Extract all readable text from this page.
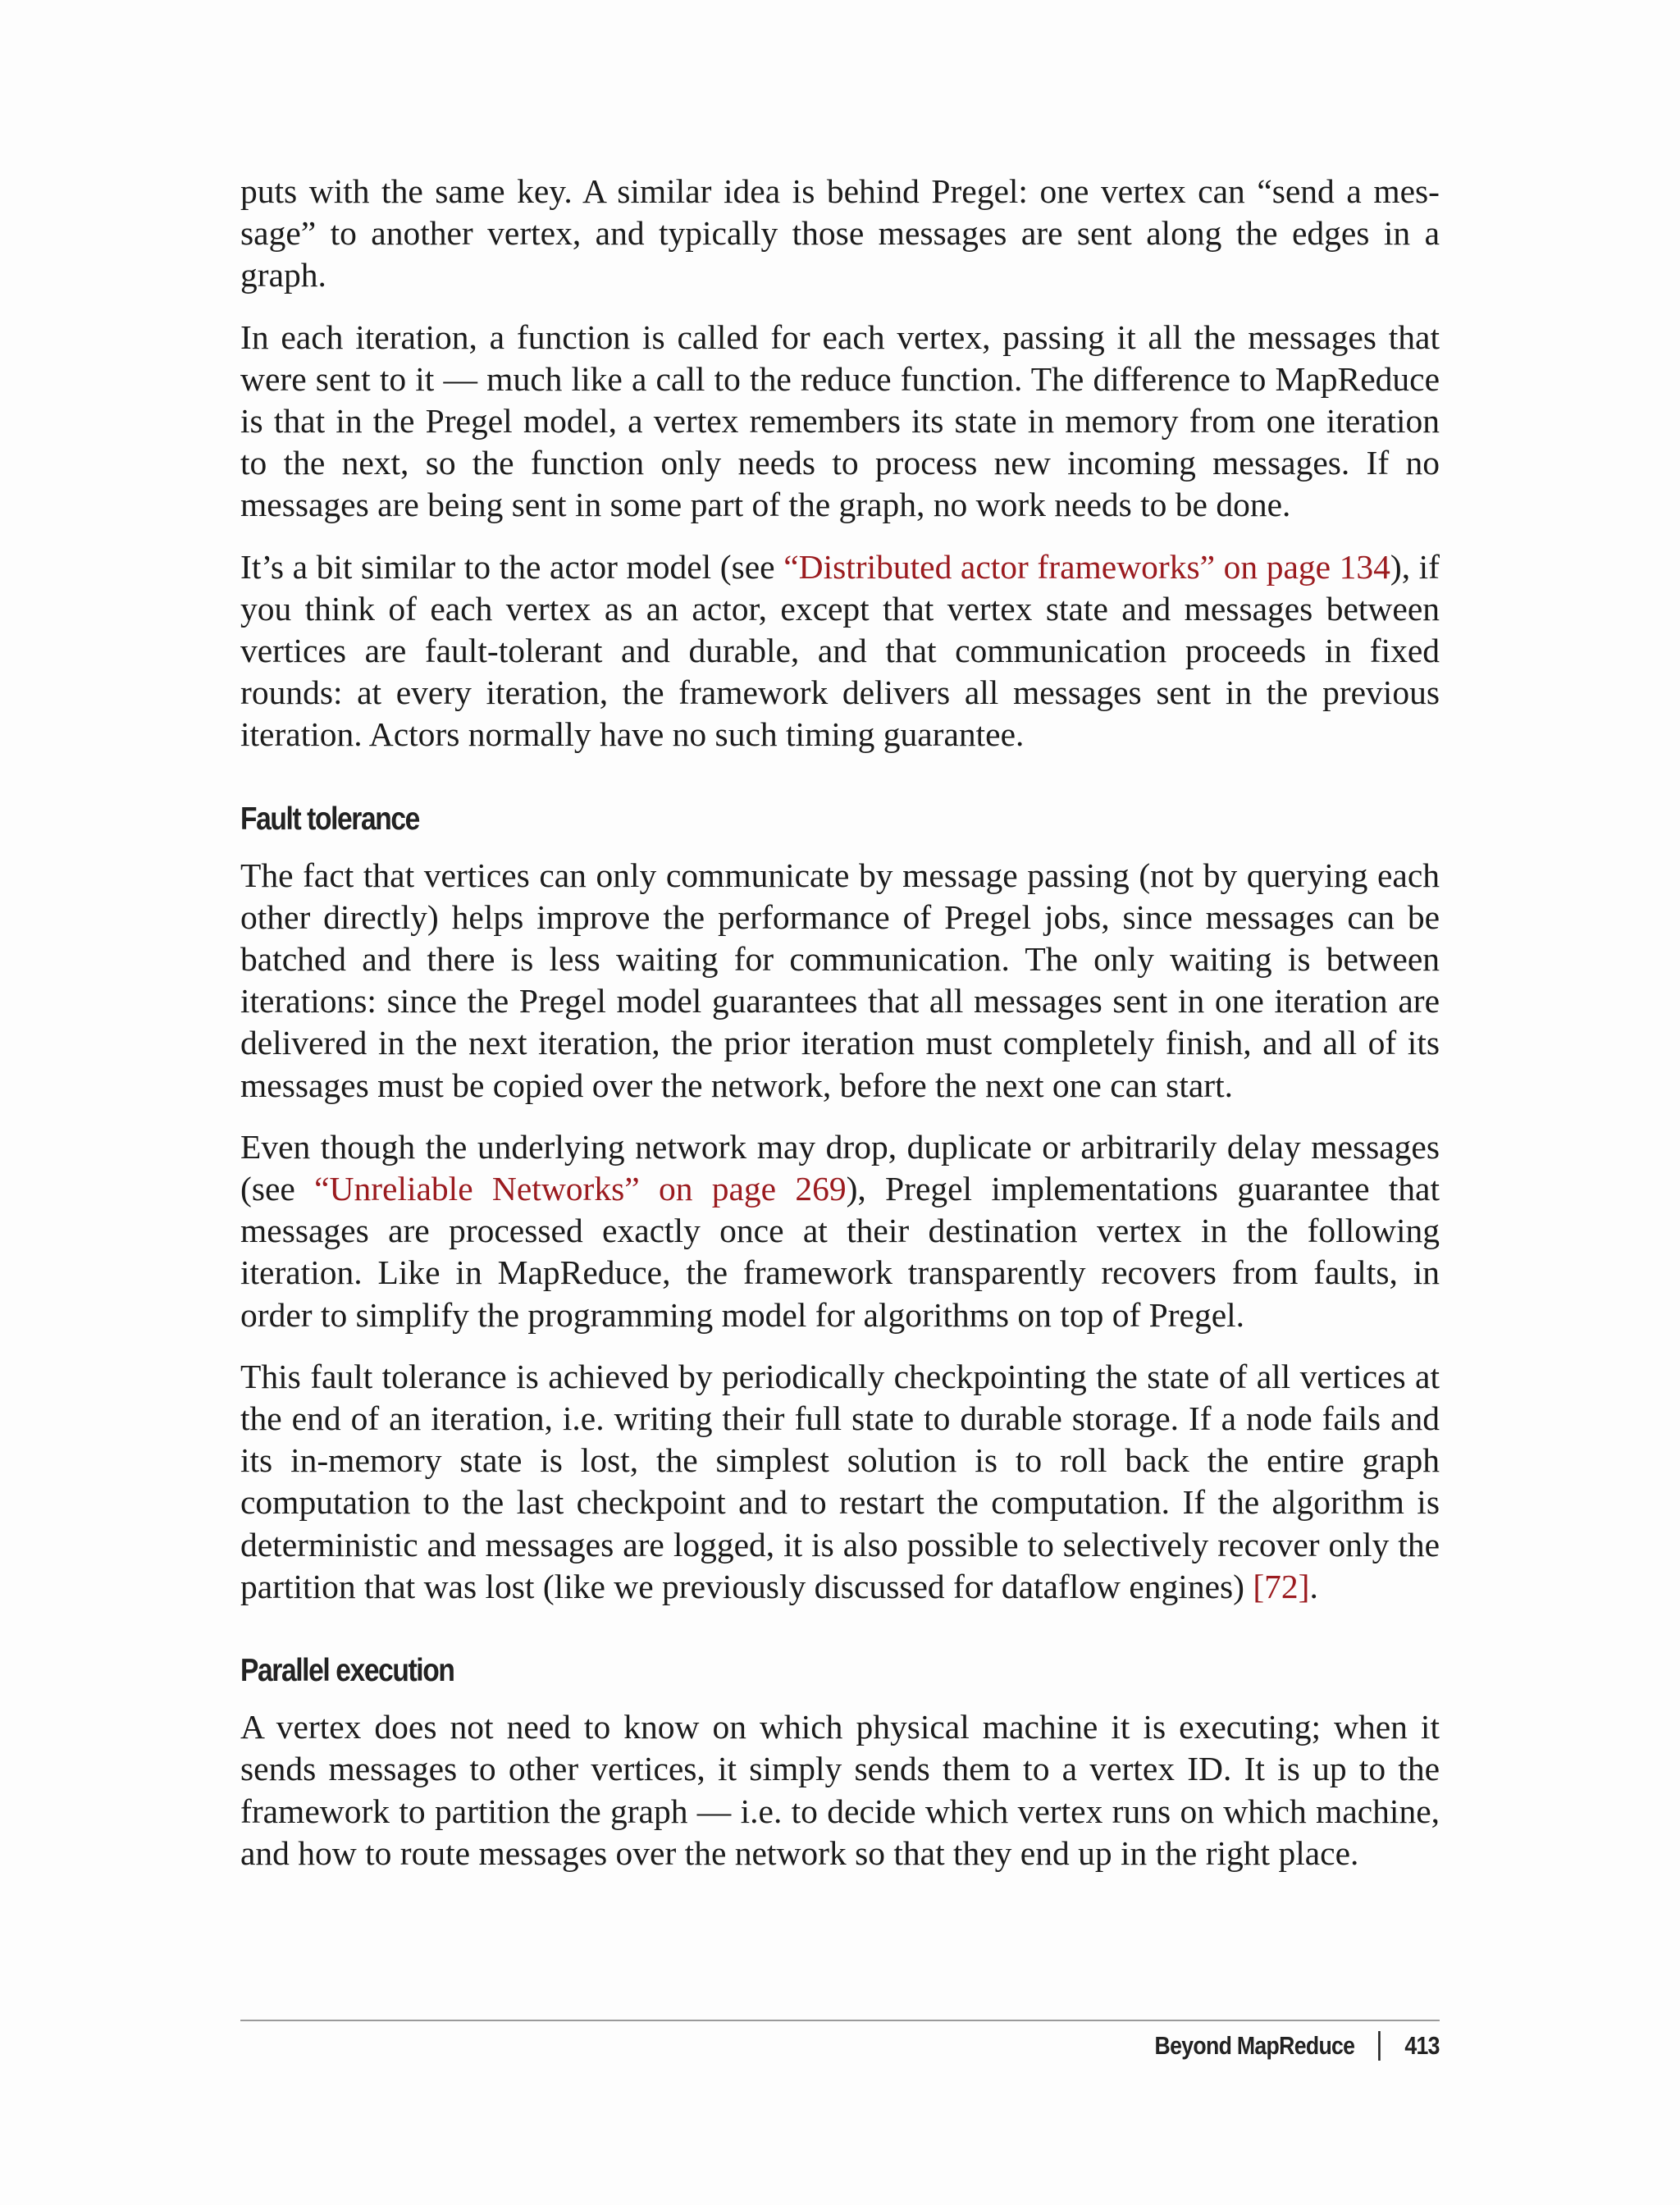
puts with the same key. A similar idea is behind Pregel: one vertex can “send a message” to another vertex, and typically those messages are sent along the edges in a graph.

In each iteration, a function is called for each vertex, passing it all the messages that were sent to it — much like a call to the reduce function. The difference to MapReduce is that in the Pregel model, a vertex remembers its state in memory from one iteration to the next, so the function only needs to process new incoming messages. If no messages are being sent in some part of the graph, no work needs to be done.

It’s a bit similar to the actor model (see “Distributed actor frameworks” on page 134), if you think of each vertex as an actor, except that vertex state and messages between vertices are fault-tolerant and durable, and that communication proceeds in fixed rounds: at every iteration, the framework delivers all messages sent in the previous iteration. Actors normally have no such timing guarantee.

Fault tolerance

The fact that vertices can only communicate by message passing (not by querying each other directly) helps improve the performance of Pregel jobs, since messages can be batched and there is less waiting for communication. The only waiting is between iterations: since the Pregel model guarantees that all messages sent in one iteration are delivered in the next iteration, the prior iteration must completely finish, and all of its messages must be copied over the network, before the next one can start.

Even though the underlying network may drop, duplicate or arbitrarily delay messages (see “Unreliable Networks” on page 269), Pregel implementations guarantee that messages are processed exactly once at their destination vertex in the following iteration. Like in MapReduce, the framework transparently recovers from faults, in order to simplify the programming model for algorithms on top of Pregel.

This fault tolerance is achieved by periodically checkpointing the state of all vertices at the end of an iteration, i.e. writing their full state to durable storage. If a node fails and its in-memory state is lost, the simplest solution is to roll back the entire graph computation to the last checkpoint and to restart the computation. If the algorithm is deterministic and messages are logged, it is also possible to selectively recover only the partition that was lost (like we previously discussed for dataflow engines) [72].

Parallel execution

A vertex does not need to know on which physical machine it is executing; when it sends messages to other vertices, it simply sends them to a vertex ID. It is up to the framework to partition the graph — i.e. to decide which vertex runs on which machine, and how to route messages over the network so that they end up in the right place.

Beyond MapReduce 413
